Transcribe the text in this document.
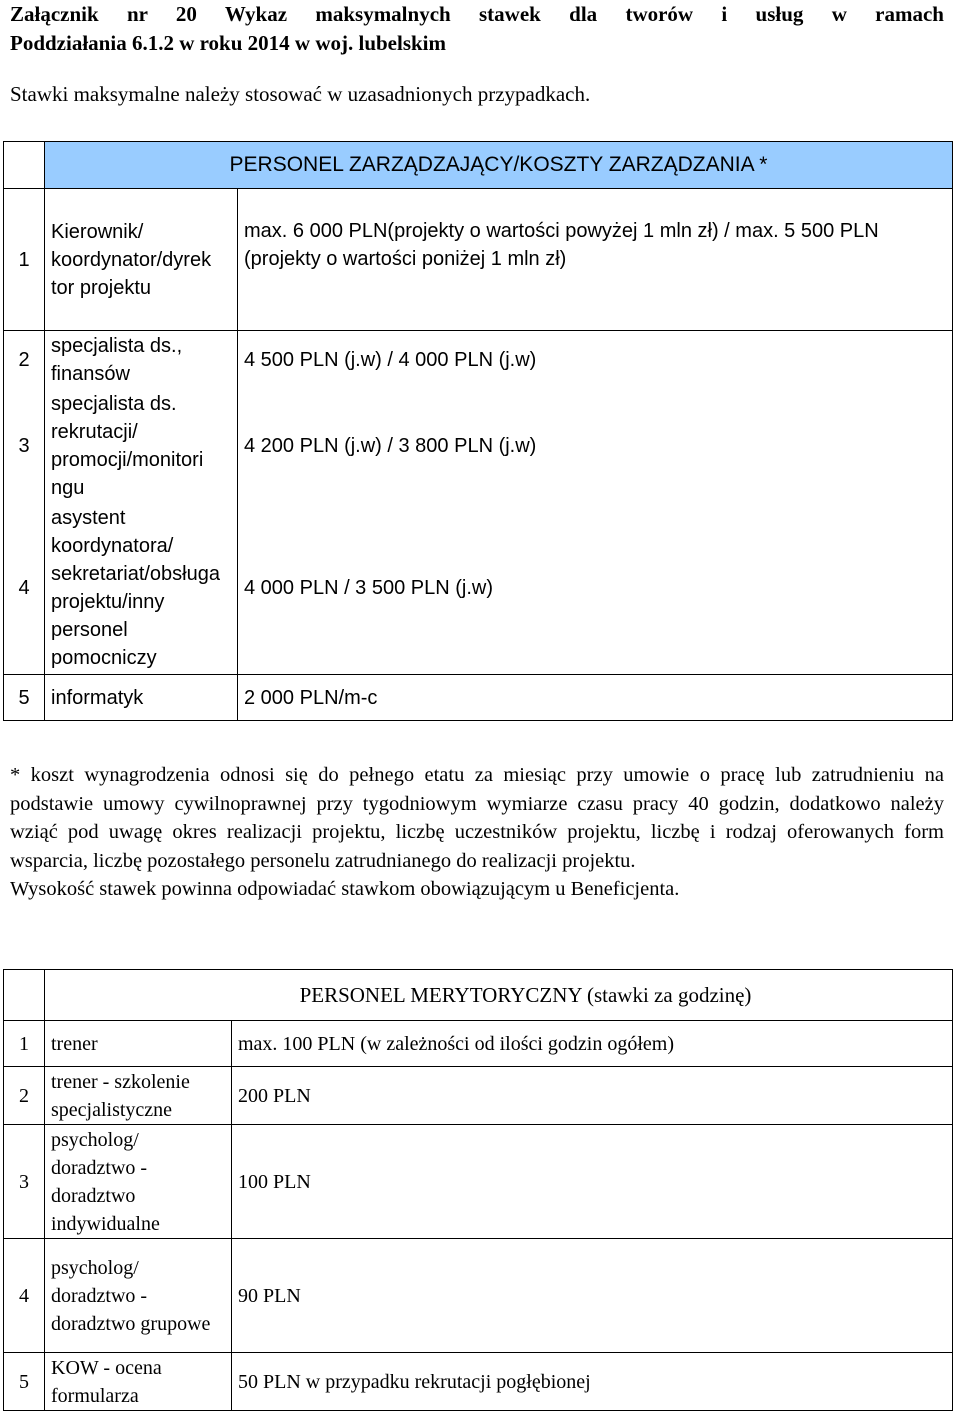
Załącznik nr 20 Wykaz maksymalnych stawek dla tworów i usług w ramach
Poddziałania 6.1.2 w roku 2014 w woj. lubelskim
Stawki maksymalne należy stosować w uzasadnionych przypadkach.
	PERSONEL ZARZĄDZAJĄCY/KOSZTY ZARZĄDZANIA *	
1	Kierownik/ koordynator/dyrek tor projektu	max. 6 000 PLN(projekty o wartości powyżej 1 mln zł) / max. 5 500 PLN (projekty o wartości poniżej 1 mln zł)
2	specjalista ds., finansów	4 500 PLN (j.w) / 4 000 PLN (j.w)
3	specjalista ds. rekrutacji/ promocji/monitori ngu	4 200 PLN (j.w) / 3 800 PLN (j.w)
4	asystent koordynatora/ sekretariat/obsługa projektu/inny personel pomocniczy	4 000 PLN / 3 500 PLN (j.w)
5	informatyk	2 000 PLN/m-c
* koszt wynagrodzenia odnosi się do pełnego etatu za miesiąc przy umowie o pracę lub zatrudnieniu na podstawie umowy cywilnoprawnej przy tygodniowym wymiarze czasu pracy 40 godzin, dodatkowo należy wziąć pod uwagę okres realizacji projektu, liczbę uczestników projektu, liczbę i rodzaj oferowanych form wsparcia, liczbę pozostałego personelu zatrudnianego do realizacji projektu.
Wysokość stawek powinna odpowiadać stawkom obowiązującym u Beneficjenta.
	PERSONEL MERYTORYCZNY (stawki za godzinę)	
1	trener	max. 100 PLN (w zależności od ilości godzin ogółem)
2	trener - szkolenie specjalistyczne	200 PLN
3	psycholog/ doradztwo - doradztwo indywidualne	100 PLN
4	psycholog/ doradztwo - doradztwo grupowe	90 PLN
5	KOW - ocena formularza	50 PLN w przypadku rekrutacji pogłębionej
